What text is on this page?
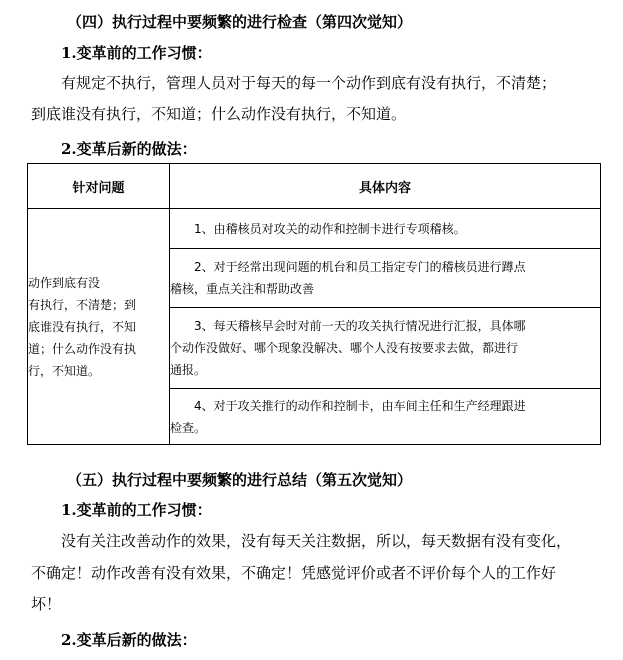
（四）执行过程中要频繁的进行检查（第四次觉知）
1.变革前的工作习惯：
有规定不执行，管理人员对于每天的每一个动作到底有没有执行，不清楚；
到底谁没有执行，不知道；什么动作没有执行，不知道。
2.变革后新的做法：
针对问题	具体内容

动作到底有没
有执行，不清楚；到
底谁没有执行，不知
道；什么动作没有执
行，不知道。	1、由稽核员对攻关的动作和控制卡进行专项稽核。

	2、对于经常出现问题的机台和员工指定专门的稽核员进行蹲点
稽核，重点关注和帮助改善

	3、每天稽核早会时对前一天的攻关执行情况进行汇报，具体哪
个动作没做好、哪个现象没解决、哪个人没有按要求去做，都进行
通报。

	4、对于攻关推行的动作和控制卡，由车间主任和生产经理跟进
检查。
（五）执行过程中要频繁的进行总结（第五次觉知）
1.变革前的工作习惯：
没有关注改善动作的效果，没有每天关注数据，所以，每天数据有没有变化，
不确定！动作改善有没有效果，不确定！凭感觉评价或者不评价每个人的工作好
坏！
2.变革后新的做法：
